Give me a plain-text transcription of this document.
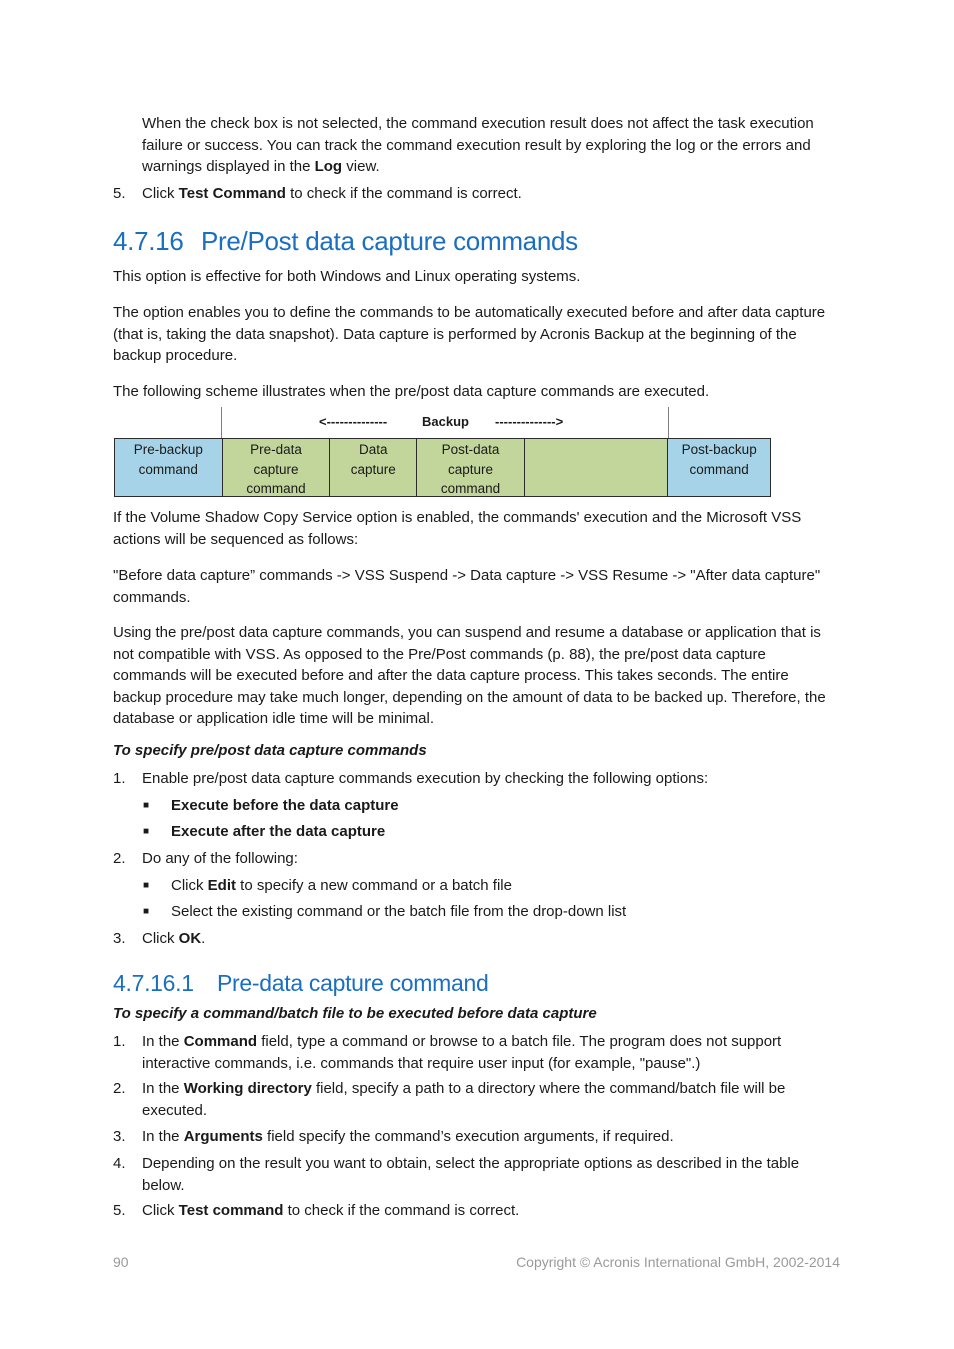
When the check box is not selected, the command execution result does not affect the task execution failure or success. You can track the command execution result by exploring the log or the errors and warnings displayed in the Log view.

5.	Click Test Command to check if the command is correct.

4.7.16 Pre/Post data capture commands

This option is effective for both Windows and Linux operating systems.

The option enables you to define the commands to be automatically executed before and after data capture (that is, taking the data snapshot). Data capture is performed by Acronis Backup at the beginning of the backup procedure.

The following scheme illustrates when the pre/post data capture commands are executed.

<--------------	Backup -------------->
Pre-backup command
Pre-data capture command
Data capture
Post-data capture command
Post-backup command

If the Volume Shadow Copy Service option is enabled, the commands' execution and the Microsoft VSS actions will be sequenced as follows:

"Before data capture” commands -> VSS Suspend -> Data capture -> VSS Resume -> "After data capture" commands.

Using the pre/post data capture commands, you can suspend and resume a database or application that is not compatible with VSS. As opposed to the Pre/Post commands (p. 88), the pre/post data capture commands will be executed before and after the data capture process. This takes seconds. The entire backup procedure may take much longer, depending on the amount of data to be backed up. Therefore, the database or application idle time will be minimal.

To specify pre/post data capture commands

1.	Enable pre/post data capture commands execution by checking the following options:

■ Execute before the data capture
■ Execute after the data capture
2.	Do any of the following:

■ Click Edit to specify a new command or a batch file
■ Select the existing command or the batch file from the drop-down list
3.	Click OK.

4.7.16.1 Pre-data capture command

To specify a command/batch file to be executed before data capture

1.	In the Command field, type a command or browse to a batch file. The program does not support interactive commands, i.e. commands that require user input (for example, "pause".)

2.	In the Working directory field, specify a path to a directory where the command/batch file will be executed.

3.	In the Arguments field specify the command’s execution arguments, if required.

4.	Depending on the result you want to obtain, select the appropriate options as described in the table below.

5.	Click Test command to check if the command is correct.

90	Copyright © Acronis International GmbH, 2002-2014
